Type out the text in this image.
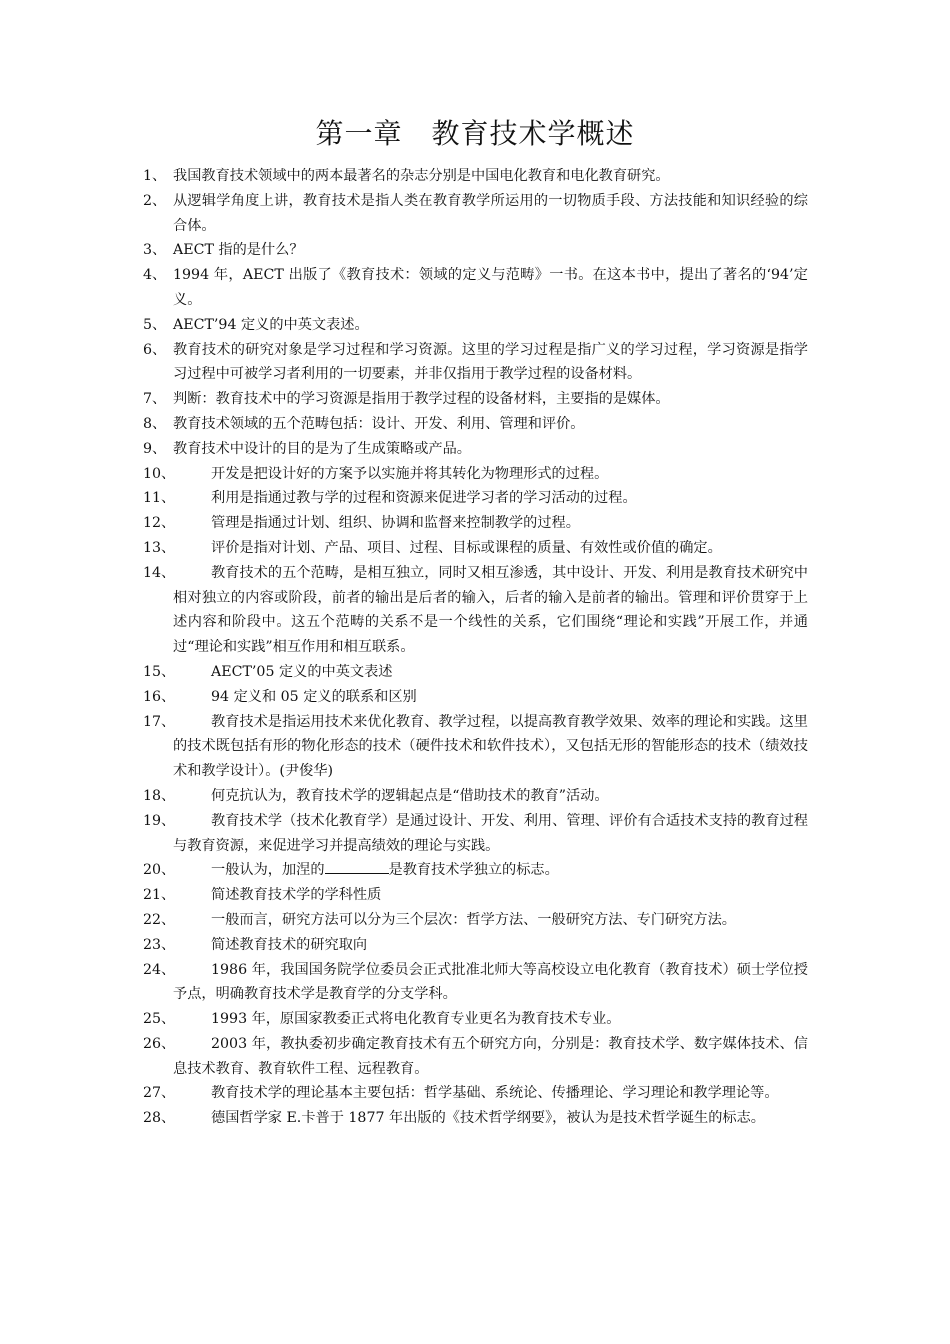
第一章　教育技术学概述
1、 我国教育技术领域中的两本最著名的杂志分别是中国电化教育和电化教育研究。
2、 从逻辑学角度上讲，教育技术是指人类在教育教学所运用的一切物质手段、方法技能和知识经验的综合体。
3、 AECT 指的是什么？
4、 1994 年，AECT 出版了《教育技术：领域的定义与范畴》一书。在这本书中，提出了著名的‘94’定义。
5、 AECT’94 定义的中英文表述。
6、 教育技术的研究对象是学习过程和学习资源。这里的学习过程是指广义的学习过程，学习资源是指学习过程中可被学习者利用的一切要素，并非仅指用于教学过程的设备材料。
7、 判断：教育技术中的学习资源是指用于教学过程的设备材料，主要指的是媒体。
8、 教育技术领域的五个范畴包括：设计、开发、利用、管理和评价。
9、 教育技术中设计的目的是为了生成策略或产品。
10、	开发是把设计好的方案予以实施并将其转化为物理形式的过程。
11、	利用是指通过教与学的过程和资源来促进学习者的学习活动的过程。
12、	管理是指通过计划、组织、协调和监督来控制教学的过程。
13、	评价是指对计划、产品、项目、过程、目标或课程的质量、有效性或价值的确定。
14、	教育技术的五个范畴，是相互独立，同时又相互渗透，其中设计、开发、利用是教育技术研究中相对独立的内容或阶段，前者的输出是后者的输入，后者的输入是前者的输出。管理和评价贯穿于上述内容和阶段中。这五个范畴的关系不是一个线性的关系，它们围绕“理论和实践”开展工作，并通过“理论和实践”相互作用和相互联系。
15、	AECT’05 定义的中英文表述
16、	94 定义和 05 定义的联系和区别
17、	教育技术是指运用技术来优化教育、教学过程，以提高教育教学效果、效率的理论和实践。这里的技术既包括有形的物化形态的技术（硬件技术和软件技术），又包括无形的智能形态的技术（绩效技术和教学设计）。(尹俊华)
18、	何克抗认为，教育技术学的逻辑起点是“借助技术的教育”活动。
19、	教育技术学（技术化教育学）是通过设计、开发、利用、管理、评价有合适技术支持的教育过程与教育资源，来促进学习并提高绩效的理论与实践。
20、	一般认为，加涅的	是教育技术学独立的标志。
21、	简述教育技术学的学科性质
22、	一般而言，研究方法可以分为三个层次：哲学方法、一般研究方法、专门研究方法。
23、	简述教育技术的研究取向
24、	1986 年，我国国务院学位委员会正式批准北师大等高校设立电化教育（教育技术）硕士学位授予点，明确教育技术学是教育学的分支学科。
25、	1993 年，原国家教委正式将电化教育专业更名为教育技术专业。
26、	2003 年，教执委初步确定教育技术有五个研究方向，分别是：教育技术学、数字媒体技术、信息技术教育、教育软件工程、远程教育。
27、	教育技术学的理论基本主要包括：哲学基础、系统论、传播理论、学习理论和教学理论等。
28、	德国哲学家 E.卡普于 1877 年出版的《技术哲学纲要》，被认为是技术哲学诞生的标志。
